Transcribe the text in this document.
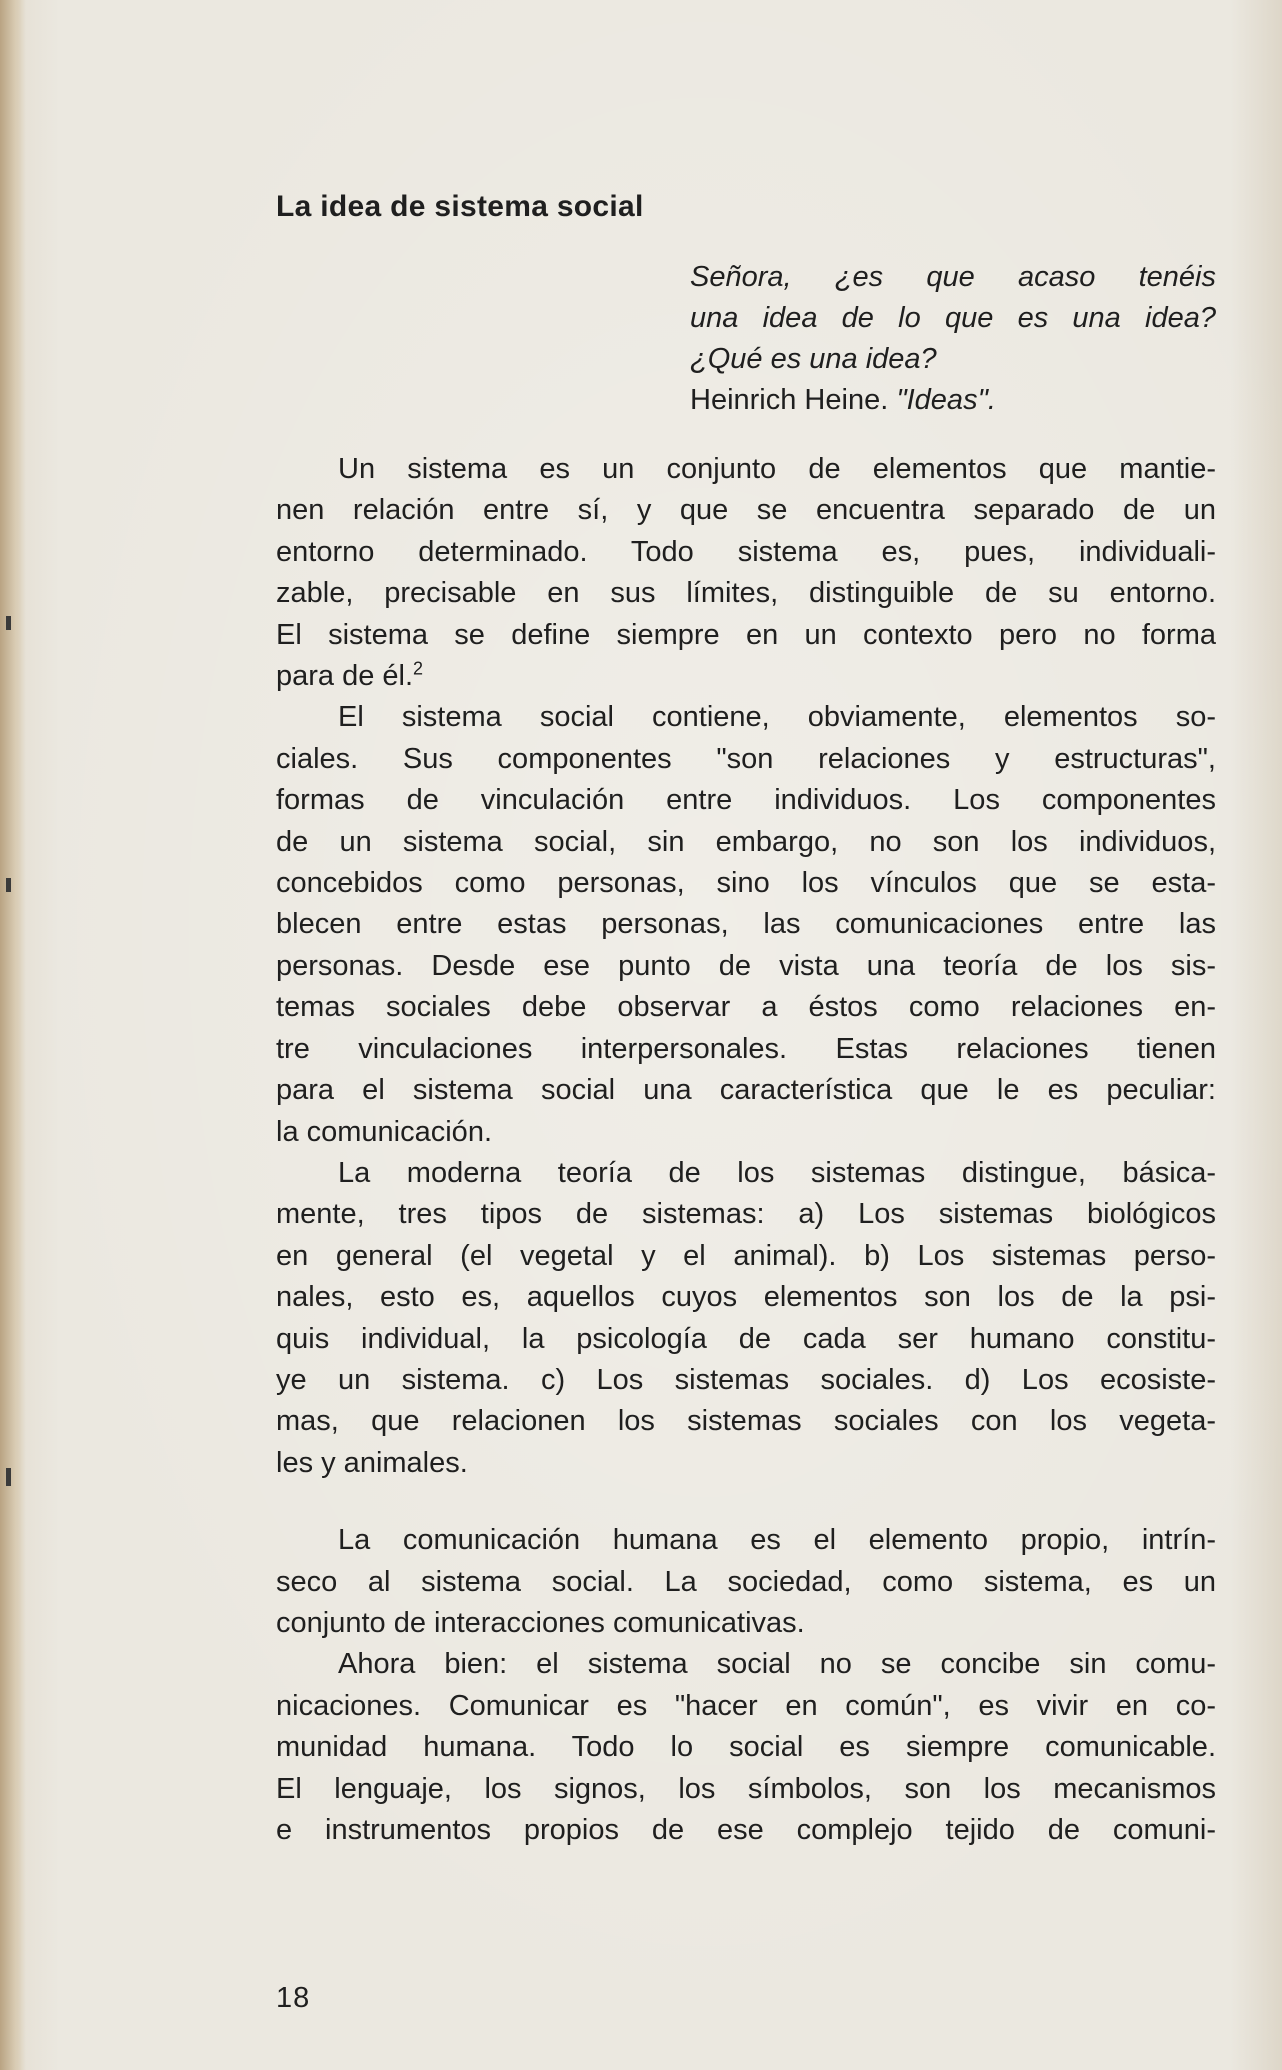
La idea de sistema social
Señora, ¿es que acaso tenéis
una idea de lo que es una idea?
¿Qué es una idea?
Heinrich Heine. "Ideas".

Un sistema es un conjunto de elementos que mantie-
nen relación entre sí, y que se encuentra separado de un
entorno determinado. Todo sistema es, pues, individuali-
zable, precisable en sus límites, distinguible de su entorno.
El sistema se define siempre en un contexto pero no forma
para de él.$^2$

El sistema social contiene, obviamente, elementos so-
ciales. Sus componentes "son relaciones y estructuras",
formas de vinculación entre individuos. Los componentes
de un sistema social, sin embargo, no son los individuos,
concebidos como personas, sino los vínculos que se esta-
blecen entre estas personas, las comunicaciones entre las
personas. Desde ese punto de vista una teoría de los sis-
temas sociales debe observar a éstos como relaciones en-
tre vinculaciones interpersonales. Estas relaciones tienen
para el sistema social una característica que le es peculiar:
la comunicación.

La moderna teoría de los sistemas distingue, básica-
mente, tres tipos de sistemas: a) Los sistemas biológicos
en general (el vegetal y el animal). b) Los sistemas perso-
nales, esto es, aquellos cuyos elementos son los de la psi-
quis individual, la psicología de cada ser humano constitu-
ye un sistema. c) Los sistemas sociales. d) Los ecosiste-
mas, que relacionen los sistemas sociales con los vegeta-
les y animales.

La comunicación humana es el elemento propio, intrín-
seco al sistema social. La sociedad, como sistema, es un
conjunto de interacciones comunicativas.

Ahora bien: el sistema social no se concibe sin comu-
nicaciones. Comunicar es "hacer en común", es vivir en co-
munidad humana. Todo lo social es siempre comunicable.
El lenguaje, los signos, los símbolos, son los mecanismos
e instrumentos propios de ese complejo tejido de comuni-

18
